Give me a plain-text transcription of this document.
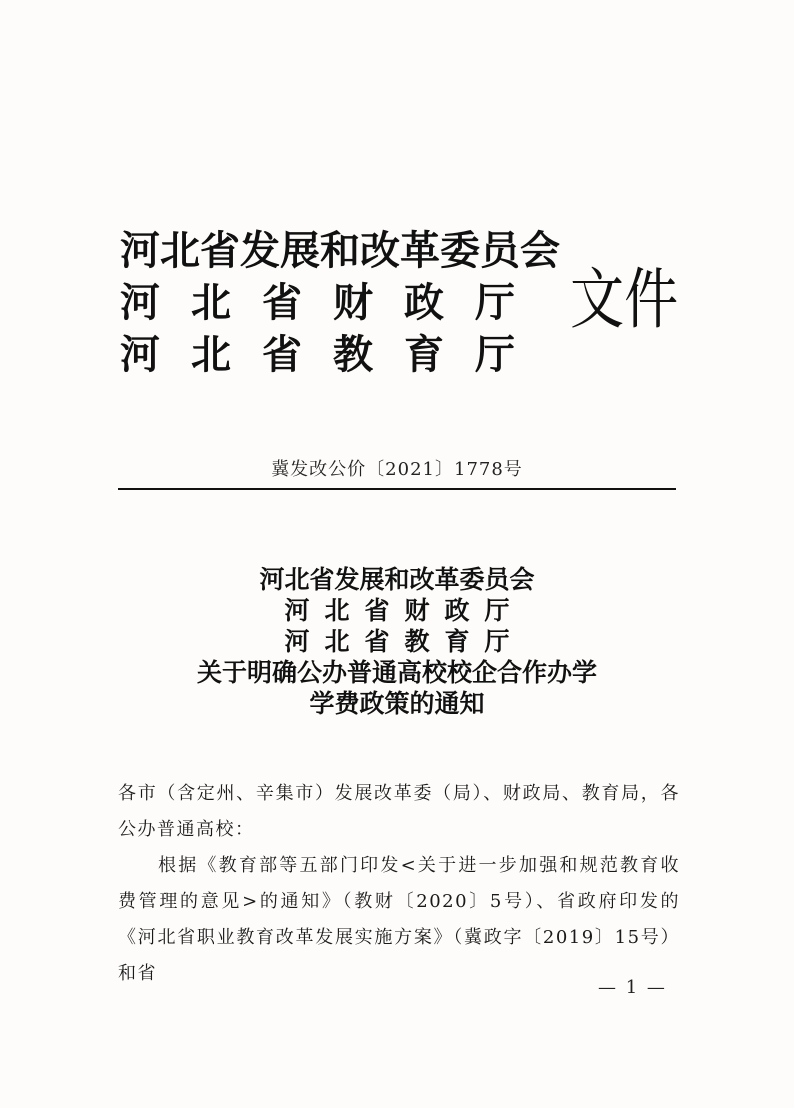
河北省发展和改革委员会
河北省财政厅
河北省教育厅
文件
冀发改公价〔2021〕1778号
河北省发展和改革委员会
河北省财政厅
河北省教育厅
关于明确公办普通高校校企合作办学
学费政策的通知

各市（含定州、辛集市）发展改革委（局）、财政局、教育局，各公办普通高校：

根据《教育部等五部门印发<关于进一步加强和规范教育收费管理的意见>的通知》（教财〔2020〕5号）、省政府印发的《河北省职业教育改革发展实施方案》（冀政字〔2019〕15号）和省

— 1 —
